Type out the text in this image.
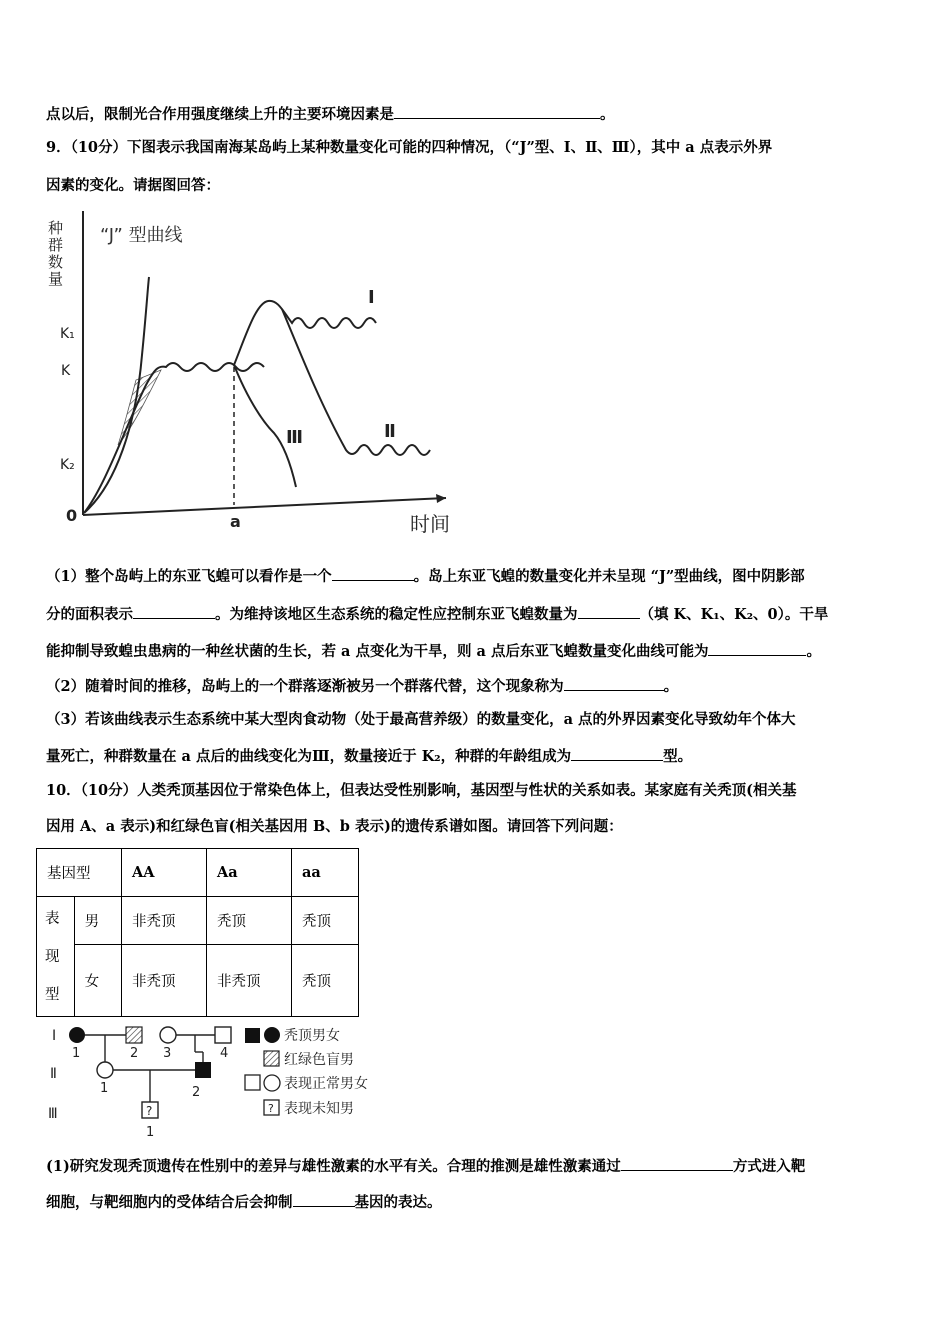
点以后，限制光合作用强度继续上升的主要环境因素是	。
9．（10分）下图表示我国南海某岛屿上某种数量变化可能的四种情况，（“J”型、Ⅰ、Ⅱ、Ⅲ），其中 a 点表示外界
因素的变化。请据图回答：
种群数量
K₁
K
K₂
0
“J” 型曲线
Ⅰ
Ⅱ
Ⅲ
a	时间
（1）整个岛屿上的东亚飞蝗可以看作是一个	。岛上东亚飞蝗的数量变化并未呈现 “J”型曲线，图中阴影部
分的面积表示	。为维持该地区生态系统的稳定性应控制东亚飞蝗数量为	（填 K、K₁、K₂、0）。干旱
能抑制导致蝗虫患病的一种丝状菌的生长，若 a 点变化为干旱，则 a 点后东亚飞蝗数量变化曲线可能为	。
（2）随着时间的推移，岛屿上的一个群落逐渐被另一个群落代替，这个现象称为	。
（3）若该曲线表示生态系统中某大型肉食动物（处于最高营养级）的数量变化，a 点的外界因素变化导致幼年个体大
量死亡，种群数量在 a 点后的曲线变化为Ⅲ，数量接近于 K₂，种群的年龄组成为	型。
10．（10分）人类秃顶基因位于常染色体上，但表达受性别影响，基因型与性状的关系如表。某家庭有关秃顶(相关基
因用 A、a 表示)和红绿色盲(相关基因用 B、b 表示)的遗传系谱如图。请回答下列问题：
基因型		AA	Aa	aa
表现型	男	非秃顶	秃顶	秃顶
	女	非秃顶	非秃顶	秃顶
Ⅰ
Ⅱ
Ⅲ
1	2 3	4
1	2
?
1
秃顶男女
红绿色盲男
表现正常男女
? 表现未知男
(1)研究发现秃顶遗传在性别中的差异与雄性激素的水平有关。合理的推测是雄性激素通过	方式进入靶
细胞，与靶细胞内的受体结合后会抑制	基因的表达。
